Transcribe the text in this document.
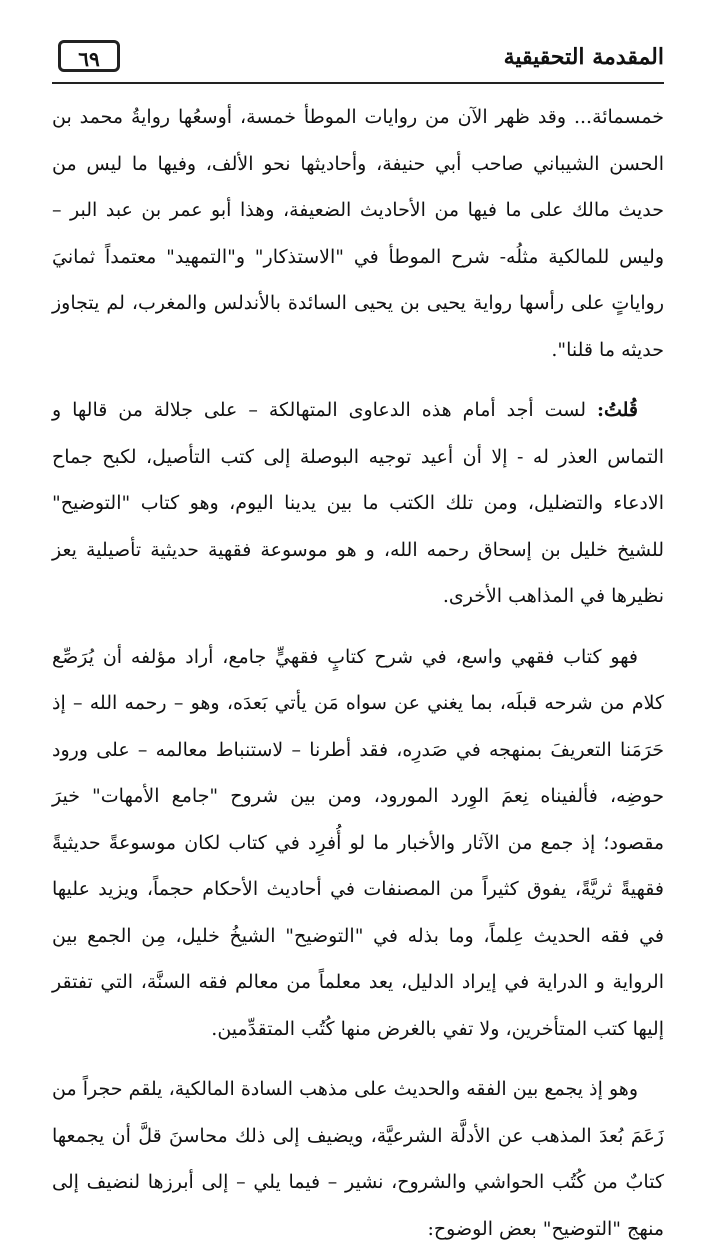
المقدمة التحقيقية
٦٩

خمسمائة... وقد ظهر الآن من روايات الموطأ خمسة، أوسعُها روايةُ محمد بن الحسن الشيباني صاحب أبي حنيفة، وأحاديثها نحو الألف، وفيها ما ليس من حديث مالك على ما فيها من الأحاديث الضعيفة، وهذا أبو عمر بن عبد البر – وليس للمالكية مثلُه- شرح الموطأ في "الاستذكار" و"التمهيد" معتمداً ثمانيَ رواياتٍ على رأسها رواية يحيى بن يحيى السائدة بالأندلس والمغرب، لم يتجاوز حديثه ما قلنا".

قُلتُ: لست أجد أمام هذه الدعاوى المتهالكة – على جلالة من قالها و التماس العذر له - إلا أن أعيد توجيه البوصلة إلى كتب التأصيل، لكبح جماح الادعاء والتضليل، ومن تلك الكتب ما بين يدينا اليوم، وهو كتاب "التوضيح" للشيخ خليل بن إسحاق رحمه الله، و هو موسوعة فقهية حديثية تأصيلية يعز نظيرها في المذاهب الأخرى.

فهو كتاب فقهي واسع، في شرح كتابٍ فقهيٍّ جامع، أراد مؤلفه أن يُرَصِّع كلام من شرحه قبلَه، بما يغني عن سواه مَن يأتي بَعدَه، وهو – رحمه الله – إذ حَرَمَنا التعريفَ بمنهجه في صَدرِه، فقد أطرنا – لاستنباط معالمه – على ورود حوضِه، فألفيناه نِعمَ الوِرد المورود، ومن بين شروح "جامع الأمهات" خيرَ مقصود؛ إذ جمع من الآثار والأخبار ما لو أُفرِد في كتاب لكان موسوعةً حديثيةً فقهيةً ثريَّةً، يفوق كثيراً من المصنفات في أحاديث الأحكام حجماً، ويزيد عليها في فقه الحديث عِلماً، وما بذله في "التوضيح" الشيخُ خليل، مِن الجمع بين الرواية و الدراية في إيراد الدليل، يعد معلماً من معالم فقه السنَّة، التي تفتقر إليها كتب المتأخرين، ولا تفي بالغرض منها كُتُب المتقدِّمين.

وهو إذ يجمع بين الفقه والحديث على مذهب السادة المالكية، يلقم حجراً من زَعَمَ بُعدَ المذهب عن الأدلَّة الشرعيَّة، ويضيف إلى ذلك محاسنَ قلَّ أن يجمعها كتابٌ من كُتُب الحواشي والشروح، نشير – فيما يلي – إلى أبرزها لنضيف إلى منهج "التوضيح" بعض الوضوح:
